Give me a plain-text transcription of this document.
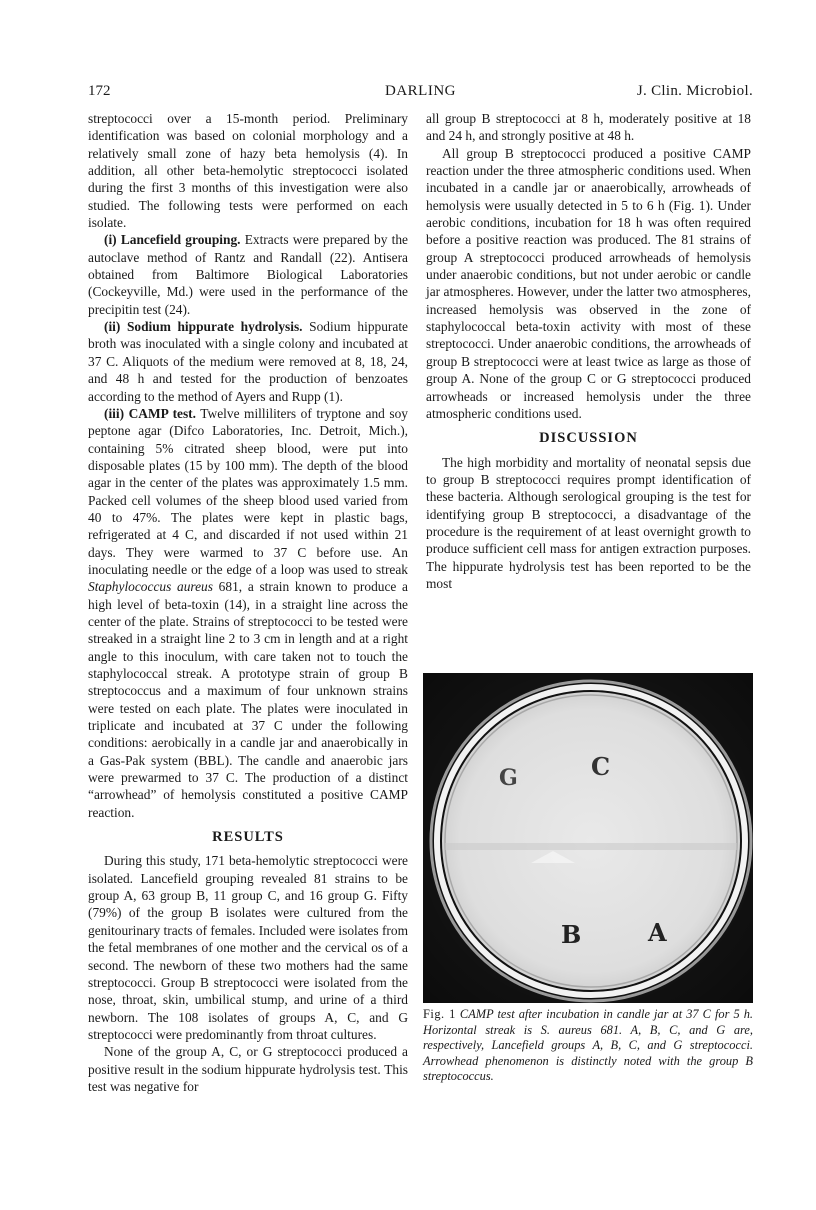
172	DARLING	J. Clin. Microbiol.

streptococci over a 15-month period. Preliminary identification was based on colonial morphology and a relatively small zone of hazy beta hemolysis (4). In addition, all other beta-hemolytic streptococci isolated during the first 3 months of this investigation were also studied. The following tests were performed on each isolate.

(i) Lancefield grouping. Extracts were prepared by the autoclave method of Rantz and Randall (22). Antisera obtained from Baltimore Biological Laboratories (Cockeyville, Md.) were used in the performance of the precipitin test (24).

(ii) Sodium hippurate hydrolysis. Sodium hippurate broth was inoculated with a single colony and incubated at 37 C. Aliquots of the medium were removed at 8, 18, 24, and 48 h and tested for the production of benzoates according to the method of Ayers and Rupp (1).

(iii) CAMP test. Twelve milliliters of tryptone and soy peptone agar (Difco Laboratories, Inc. Detroit, Mich.), containing 5% citrated sheep blood, were put into disposable plates (15 by 100 mm). The depth of the blood agar in the center of the plates was approximately 1.5 mm. Packed cell volumes of the sheep blood used varied from 40 to 47%. The plates were kept in plastic bags, refrigerated at 4 C, and discarded if not used within 21 days. They were warmed to 37 C before use. An inoculating needle or the edge of a loop was used to streak Staphylococcus aureus 681, a strain known to produce a high level of beta-toxin (14), in a straight line across the center of the plate. Strains of streptococci to be tested were streaked in a straight line 2 to 3 cm in length and at a right angle to this inoculum, with care taken not to touch the staphylococcal streak. A prototype strain of group B streptococcus and a maximum of four unknown strains were tested on each plate. The plates were inoculated in triplicate and incubated at 37 C under the following conditions: aerobically in a candle jar and anaerobically in a Gas-Pak system (BBL). The candle and anaerobic jars were prewarmed to 37 C. The production of a distinct “arrowhead” of hemolysis constituted a positive CAMP reaction.

RESULTS

During this study, 171 beta-hemolytic streptococci were isolated. Lancefield grouping revealed 81 strains to be group A, 63 group B, 11 group C, and 16 group G. Fifty (79%) of the group B isolates were cultured from the genitourinary tracts of females. Included were isolates from the fetal membranes of one mother and the cervical os of a second. The newborn of these two mothers had the same streptococci. Group B streptococci were isolated from the nose, throat, skin, umbilical stump, and urine of a third newborn. The 108 isolates of groups A, C, and G streptococci were predominantly from throat cultures.

None of the group A, C, or G streptococci produced a positive result in the sodium hippurate hydrolysis test. This test was negative for

all group B streptococci at 8 h, moderately positive at 18 and 24 h, and strongly positive at 48 h.

All group B streptococci produced a positive CAMP reaction under the three atmospheric conditions used. When incubated in a candle jar or anaerobically, arrowheads of hemolysis were usually detected in 5 to 6 h (Fig. 1). Under aerobic conditions, incubation for 18 h was often required before a positive reaction was produced. The 81 strains of group A streptococci produced arrowheads of hemolysis under anaerobic conditions, but not under aerobic or candle jar atmospheres. However, under the latter two atmospheres, increased hemolysis was observed in the zone of staphylococcal beta-toxin activity with most of these streptococci. Under anaerobic conditions, the arrowheads of group B streptococci were at least twice as large as those of group A. None of the group C or G streptococci produced arrowheads or increased hemolysis under the three atmospheric conditions used.

DISCUSSION

The high morbidity and mortality of neonatal sepsis due to group B streptococci requires prompt identification of these bacteria. Although serological grouping is the test for identifying group B streptococci, a disadvantage of the procedure is the requirement of at least overnight growth to produce sufficient cell mass for antigen extraction purposes. The hippurate hydrolysis test has been reported to be the most

G	C
B	A
Fig. 1 CAMP test after incubation in candle jar at 37 C for 5 h. Horizontal streak is S. aureus 681. A, B, C, and G are, respectively, Lancefield groups A, B, C, and G streptococci. Arrowhead phenomenon is distinctly noted with the group B streptococcus.
